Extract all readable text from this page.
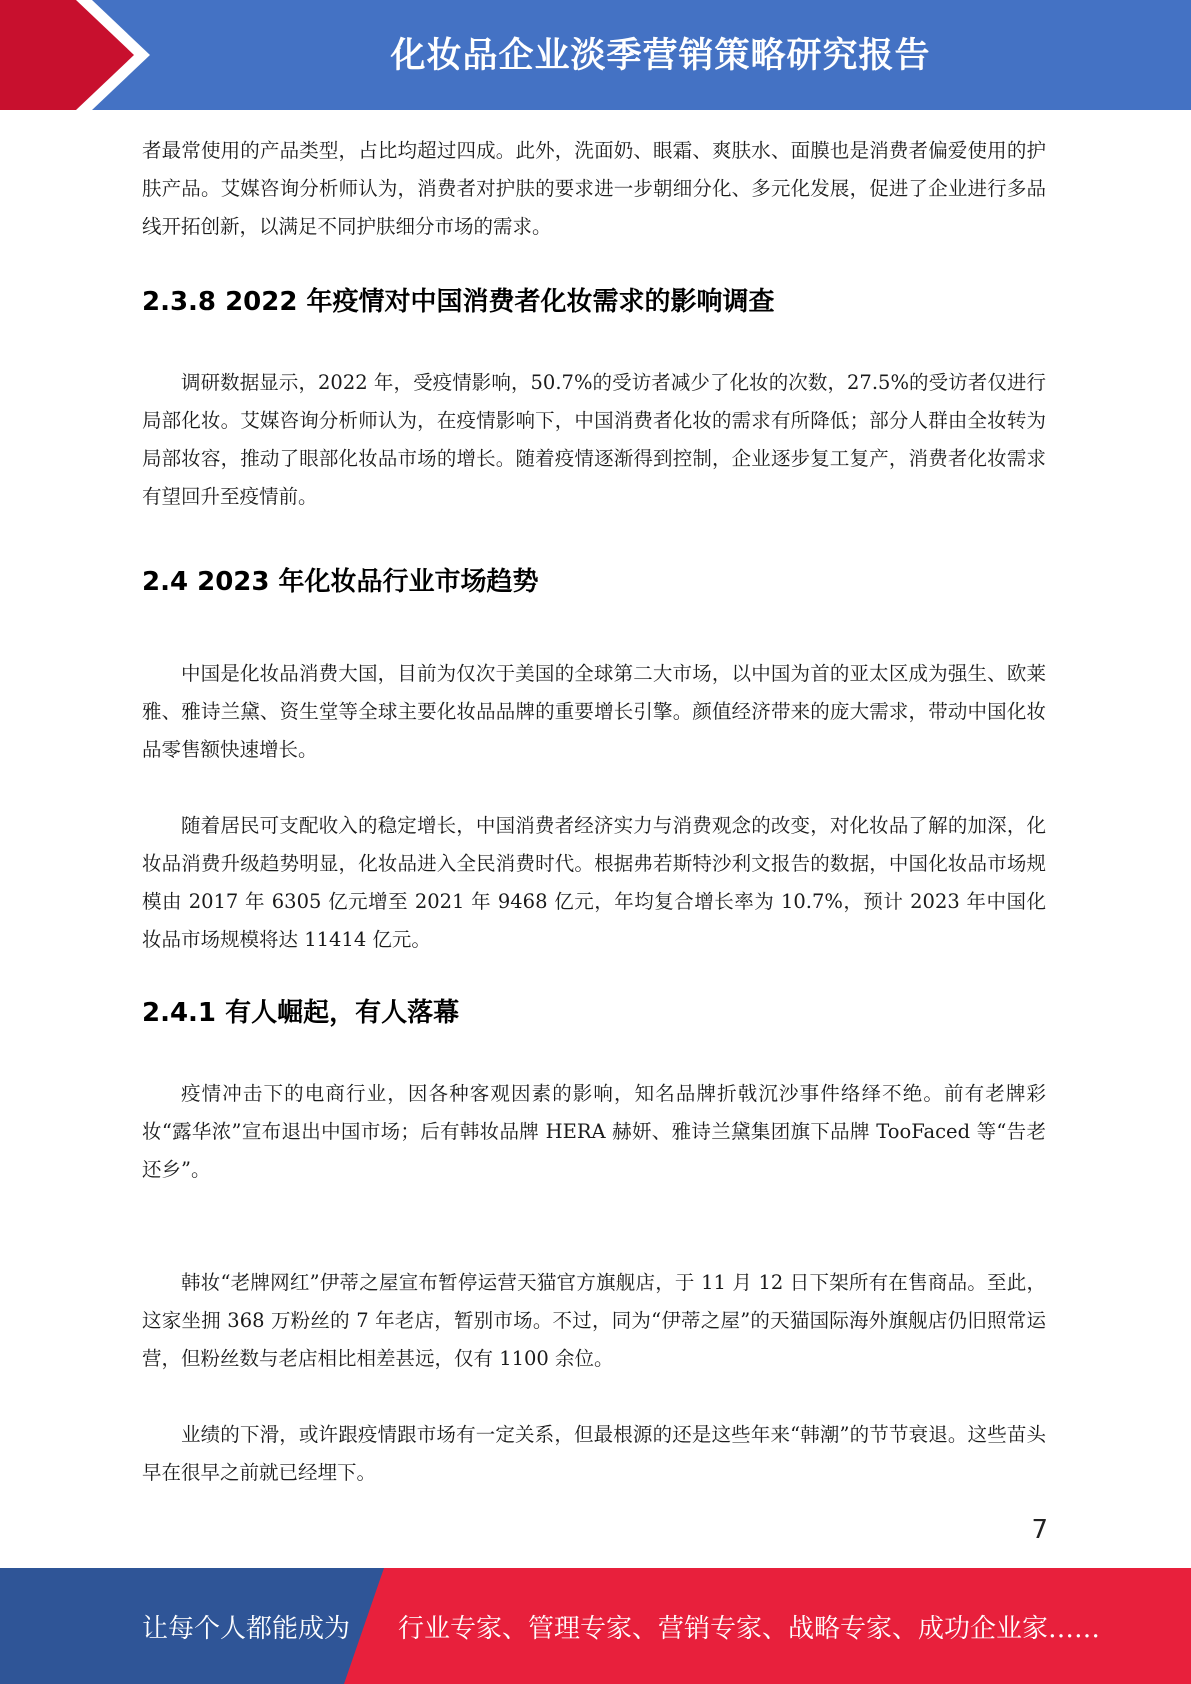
化妆品企业淡季营销策略研究报告
者最常使用的产品类型，占比均超过四成。此外，洗面奶、眼霜、爽肤水、面膜也是消费者偏爱使用的护肤产品。艾媒咨询分析师认为，消费者对护肤的要求进一步朝细分化、多元化发展，促进了企业进行多品线开拓创新，以满足不同护肤细分市场的需求。
2.3.8 2022 年疫情对中国消费者化妆需求的影响调查
调研数据显示，2022 年，受疫情影响，50.7%的受访者减少了化妆的次数，27.5%的受访者仅进行局部化妆。艾媒咨询分析师认为，在疫情影响下，中国消费者化妆的需求有所降低；部分人群由全妆转为局部妆容，推动了眼部化妆品市场的增长。随着疫情逐渐得到控制，企业逐步复工复产，消费者化妆需求有望回升至疫情前。
2.4 2023 年化妆品行业市场趋势
中国是化妆品消费大国，目前为仅次于美国的全球第二大市场，以中国为首的亚太区成为强生、欧莱雅、雅诗兰黛、资生堂等全球主要化妆品品牌的重要增长引擎。颜值经济带来的庞大需求，带动中国化妆品零售额快速增长。
随着居民可支配收入的稳定增长，中国消费者经济实力与消费观念的改变，对化妆品了解的加深，化妆品消费升级趋势明显，化妆品进入全民消费时代。根据弗若斯特沙利文报告的数据，中国化妆品市场规模由 2017 年 6305 亿元增至 2021 年 9468 亿元，年均复合增长率为 10.7%，预计 2023 年中国化妆品市场规模将达 11414 亿元。
2.4.1 有人崛起，有人落幕
疫情冲击下的电商行业，因各种客观因素的影响，知名品牌折戟沉沙事件络绎不绝。前有老牌彩妆“露华浓”宣布退出中国市场；后有韩妆品牌 HERA 赫妍、雅诗兰黛集团旗下品牌 TooFaced 等“告老还乡”。
韩妆“老牌网红”伊蒂之屋宣布暂停运营天猫官方旗舰店，于 11 月 12 日下架所有在售商品。至此，这家坐拥 368 万粉丝的 7 年老店，暂别市场。不过，同为“伊蒂之屋”的天猫国际海外旗舰店仍旧照常运营，但粉丝数与老店相比相差甚远，仅有 1100 余位。
业绩的下滑，或许跟疫情跟市场有一定关系，但最根源的还是这些年来“韩潮”的节节衰退。这些苗头早在很早之前就已经埋下。
7
让每个人都能成为 行业专家、管理专家、营销专家、战略专家、成功企业家……
